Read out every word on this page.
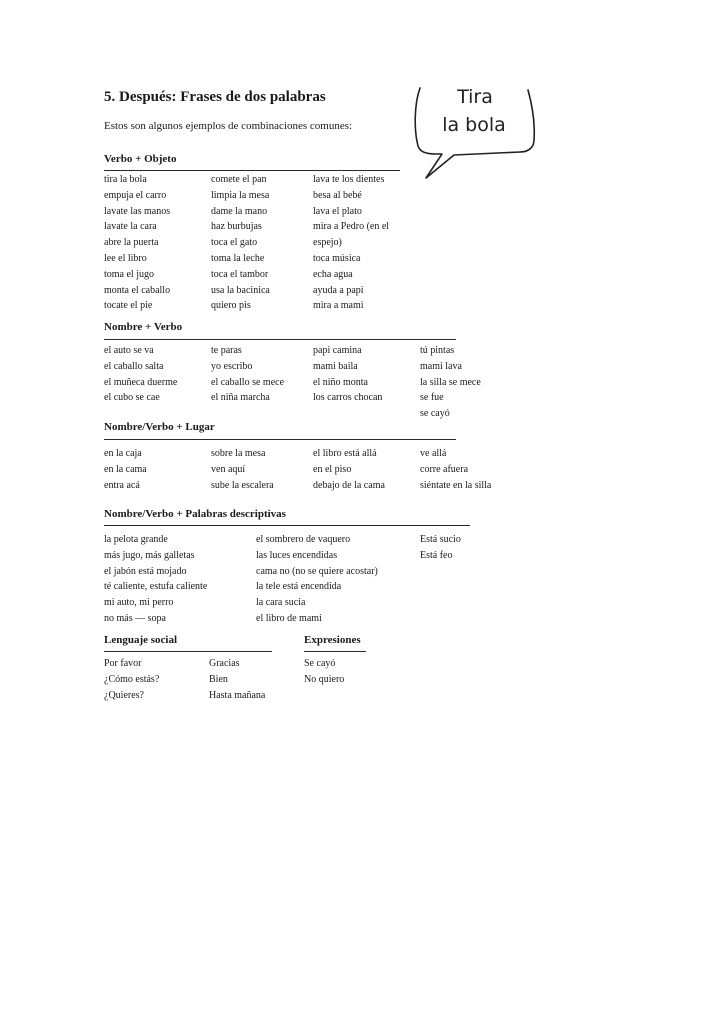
5. Después: Frases de dos palabras
Estos son algunos ejemplos de combinaciones comunes:
Tira
la bola
Verbo + Objeto
tira la bola
empuja el carro
lavate las manos
lavate la cara
abre la puerta
lee el libro
toma el jugo
monta el caballo
tocate el pie
comete el pan
limpia la mesa
dame la mano
haz burbujas
toca el gato
toma la leche
toca el tambor
usa la bacinica
quiero pis
lava te los dientes
besa al bebé
lava el plato
mira a Pedro (en el
espejo)
toca música
echa agua
ayuda a papi
mira a mami
Nombre + Verbo
el auto se va
el caballo salta
el muñeca duerme
el cubo se cae
te paras
yo escribo
el caballo se mece
el niña marcha
papi camina
mami baila
el niño monta
los carros chocan
tú pintas
mami lava
la silla se mece
se fue
se cayó
Nombre/Verbo + Lugar
en la caja
en la cama
entra acá
sobre la mesa
ven aquí
sube la escalera
el libro está allá
en el piso
debajo de la cama
ve allá
corre afuera
siéntate en la silla
Nombre/Verbo + Palabras descriptivas
la pelota grande
más jugo, más galletas
el jabón está mojado
té caliente, estufa caliente
mi auto, mi perro
no más — sopa
el sombrero de vaquero
las luces encendidas
cama no (no se quiere acostar)
la tele está encendida
la cara sucia
el libro de mami
Está sucio
Está feo
Lenguaje social
Por favor
¿Cómo estás?
¿Quieres?
Gracias
Bien
Hasta mañana
Expresiones
Se cayó
No quiero
